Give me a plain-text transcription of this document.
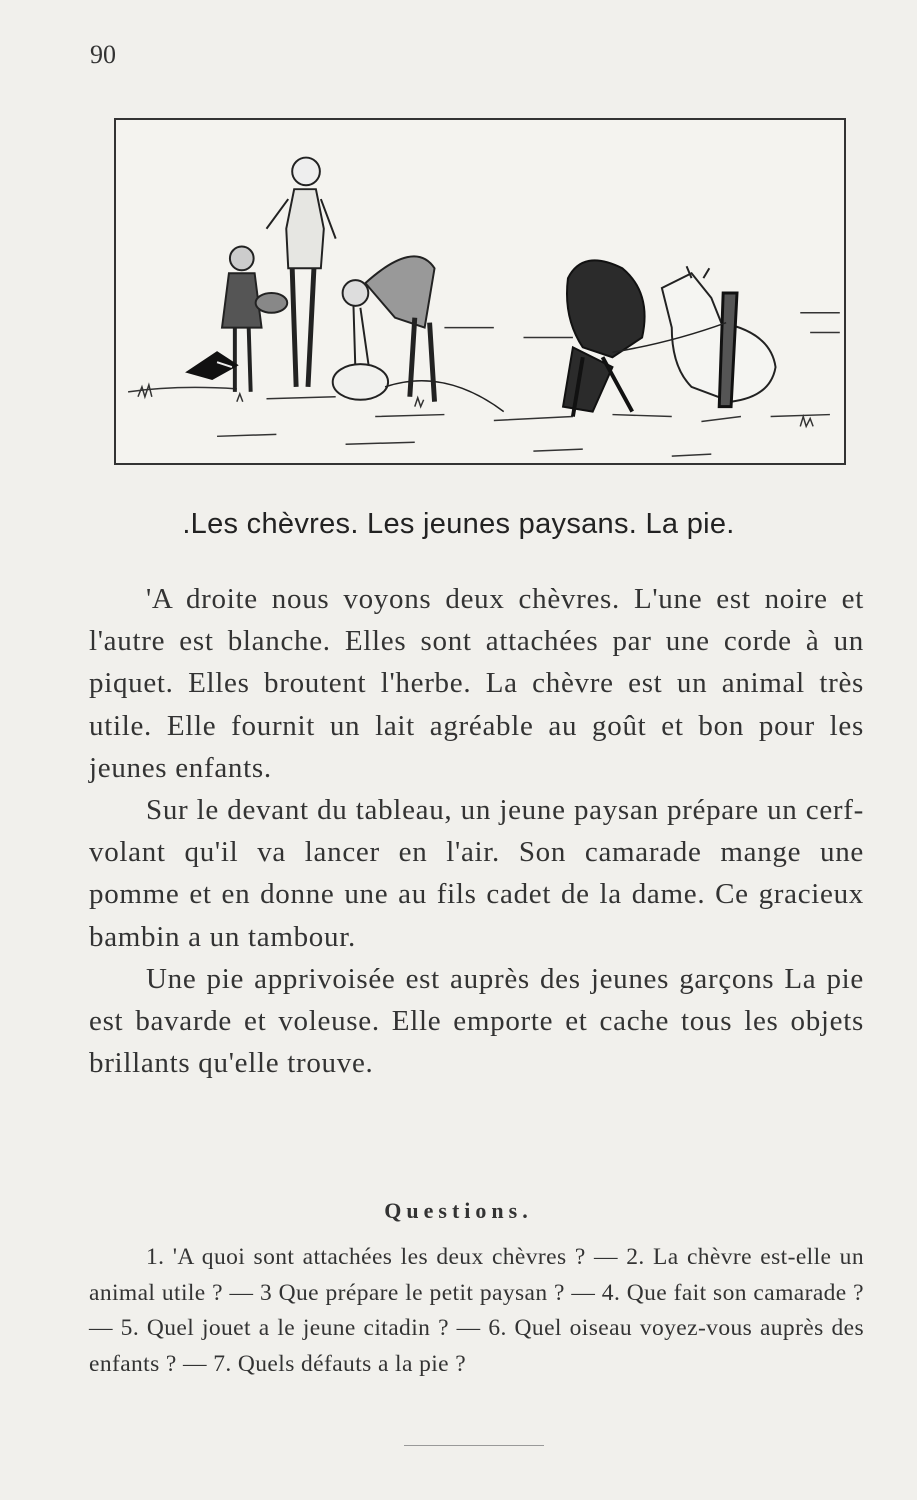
90
.Les chèvres. Les jeunes paysans. La pie.

'A droite nous voyons deux chèvres. L'une est noire et l'autre est blanche. Elles sont attachées par une corde à un piquet. Elles broutent l'herbe. La chèvre est un animal très utile. Elle fournit un lait agréable au goût et bon pour les jeunes enfants.

Sur le devant du tableau, un jeune paysan prépare un cerf-volant qu'il va lancer en l'air. Son camarade mange une pomme et en donne une au fils cadet de la dame. Ce gracieux bambin a un tambour.

Une pie apprivoisée est auprès des jeunes garçons La pie est bavarde et voleuse. Elle emporte et cache tous les objets brillants qu'elle trouve.

Questions.

1. 'A quoi sont attachées les deux chèvres ? — 2. La chèvre est-elle un animal utile ? — 3 Que prépare le petit paysan ? — 4. Que fait son camarade ? — 5. Quel jouet a le jeune citadin ? — 6. Quel oiseau voyez-vous auprès des enfants ? — 7. Quels défauts a la pie ?
